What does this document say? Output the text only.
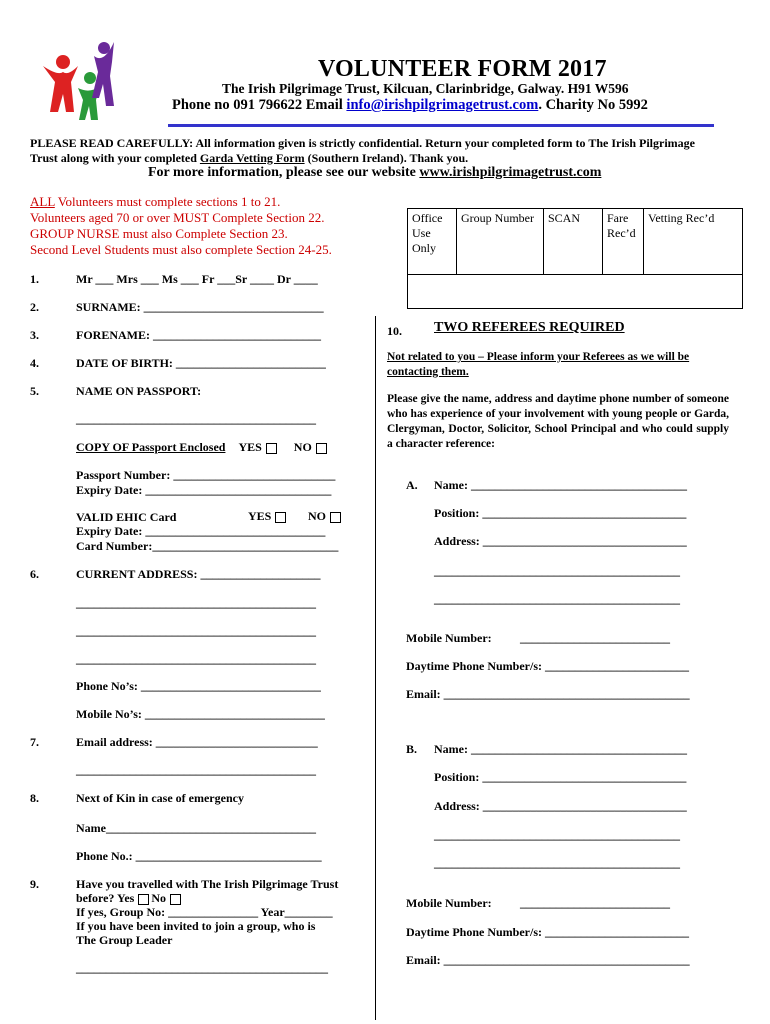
VOLUNTEER FORM 2017
The Irish Pilgrimage Trust, Kilcuan, Clarinbridge, Galway. H91 W596
Phone no 091 796622 Email info@irishpilgrimagetrust.com. Charity No 5992
PLEASE READ CAREFULLY: All information given is strictly confidential. Return your completed form to The Irish Pilgrimage Trust along with your completed Garda Vetting Form (Southern Ireland). Thank you.
For more information, please see our website www.irishpilgrimagetrust.com
ALL Volunteers must complete sections 1 to 21.
Volunteers aged 70 or over MUST Complete Section 22.
GROUP NURSE must also Complete Section 23.
Second Level Students must also complete Section 24-25.
Office Use Only	Group Number	SCAN	Fare Rec’d	Vetting Rec’d

1.	Mr ___ Mrs ___ Ms ___ Fr ___Sr ____ Dr ____
2.	SURNAME: ______________________________
3.	FORENAME: ____________________________
4.	DATE OF BIRTH: _________________________
5.	NAME ON PASSPORT:
________________________________________
COPY OF Passport Enclosed YES	NO
Passport Number: ___________________________
Expiry Date: _______________________________
VALID EHIC Card	YES	NO
Expiry Date: ______________________________
Card Number:_______________________________
6.	CURRENT ADDRESS: ____________________
________________________________________
________________________________________
________________________________________
Phone No’s: ______________________________
Mobile No’s: ______________________________
7.	Email address: ___________________________
________________________________________
8.	Next of Kin in case of emergency
Name___________________________________
Phone No.: _______________________________
9.	Have you travelled with The Irish Pilgrimage Trust
before? Yes No
If yes, Group No: _______________ Year________
If you have been invited to join a group, who is
The Group Leader
__________________________________________
10. TWO REFEREES REQUIRED
Not related to you – Please inform your Referees as we will be contacting them.
Please give the name, address and daytime phone number of someone who has experience of your involvement with young people or Garda, Clergyman, Doctor, Solicitor, School Principal and who could supply a character reference:
A. Name: ____________________________________
Position: __________________________________
Address: __________________________________
_________________________________________
_________________________________________
Mobile Number: _________________________
Daytime Phone Number/s: ________________________
Email: _________________________________________
B. Name: ____________________________________
Position: __________________________________
Address: __________________________________
_________________________________________
_________________________________________
Mobile Number: _________________________
Daytime Phone Number/s: ________________________
Email: _________________________________________
